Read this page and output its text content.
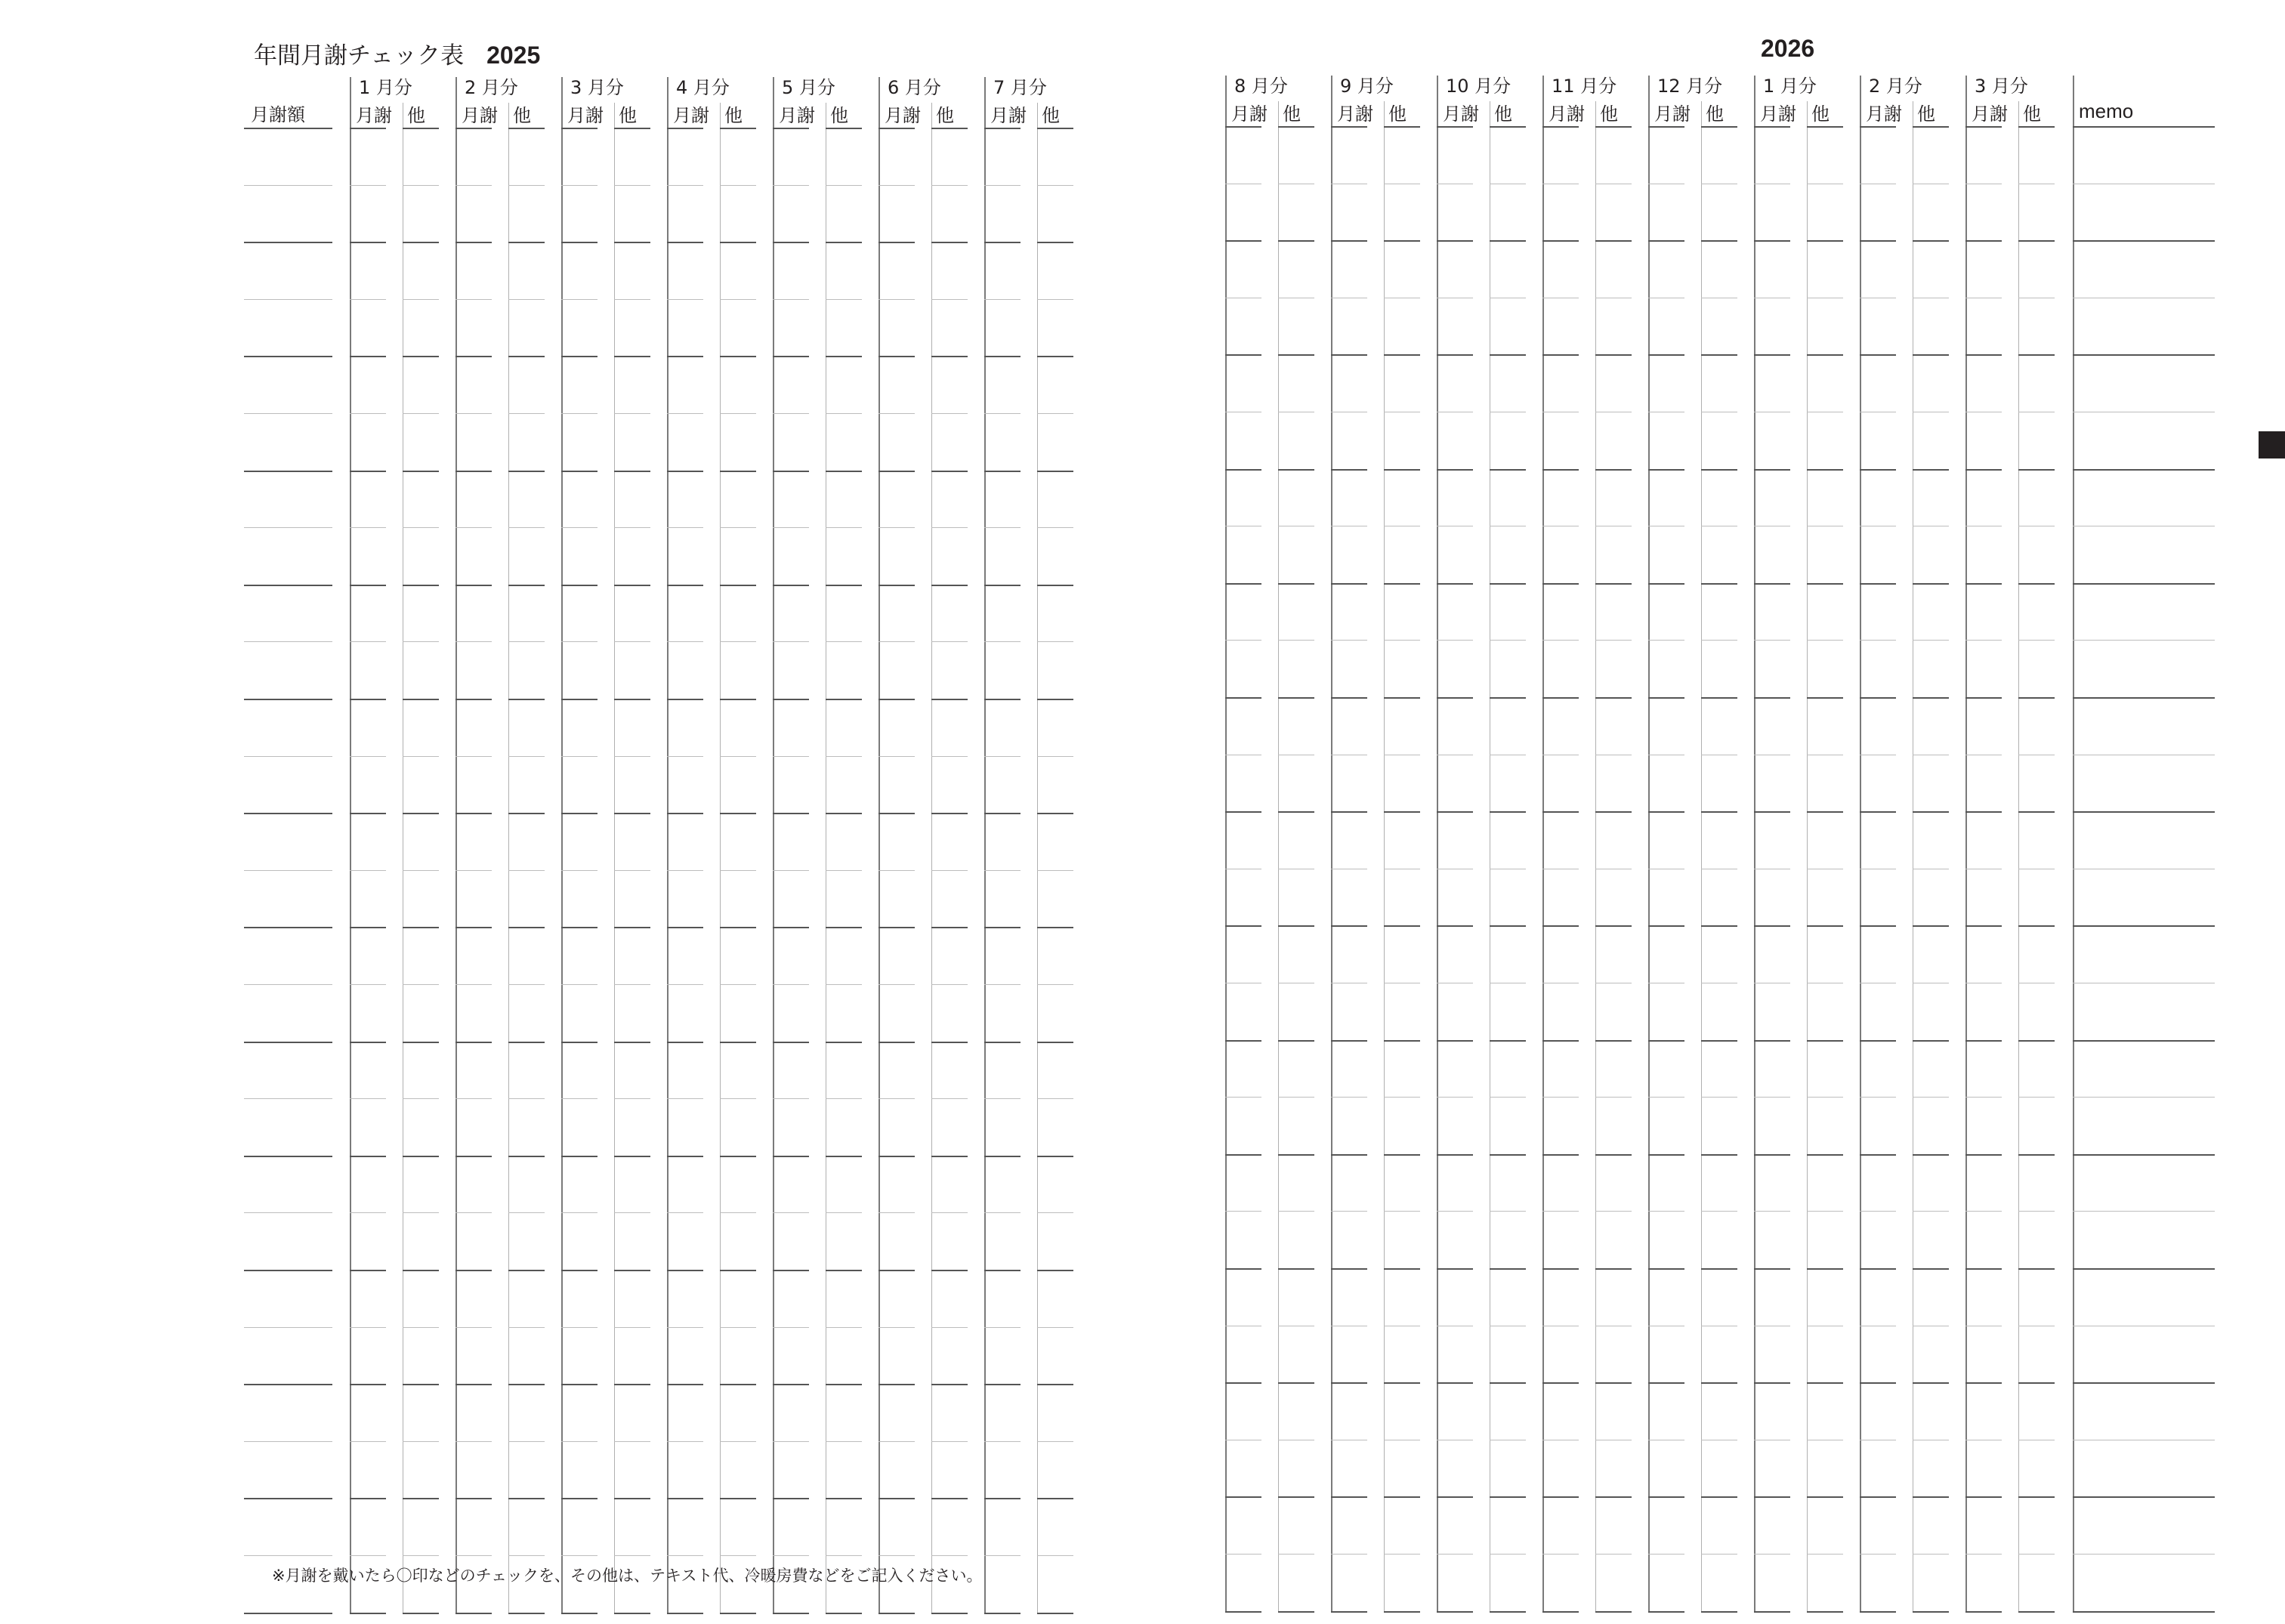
年間月謝チェック表 2025	2026
月謝額
1 月分
月謝 他
2 月分
月謝 他
3 月分
月謝 他
4 月分
月謝 他
5 月分
月謝 他
6 月分
月謝 他
7 月分
月謝 他
8 月分
月謝 他
9 月分
月謝 他
10 月分
月謝 他
11 月分
月謝 他
12 月分
月謝 他
1 月分
月謝 他
2 月分
月謝 他
3 月分
月謝 他 memo
※月謝を戴いたら〇印などのチェックを、その他は、テキスト代、冷暖房費などをご記入ください。
